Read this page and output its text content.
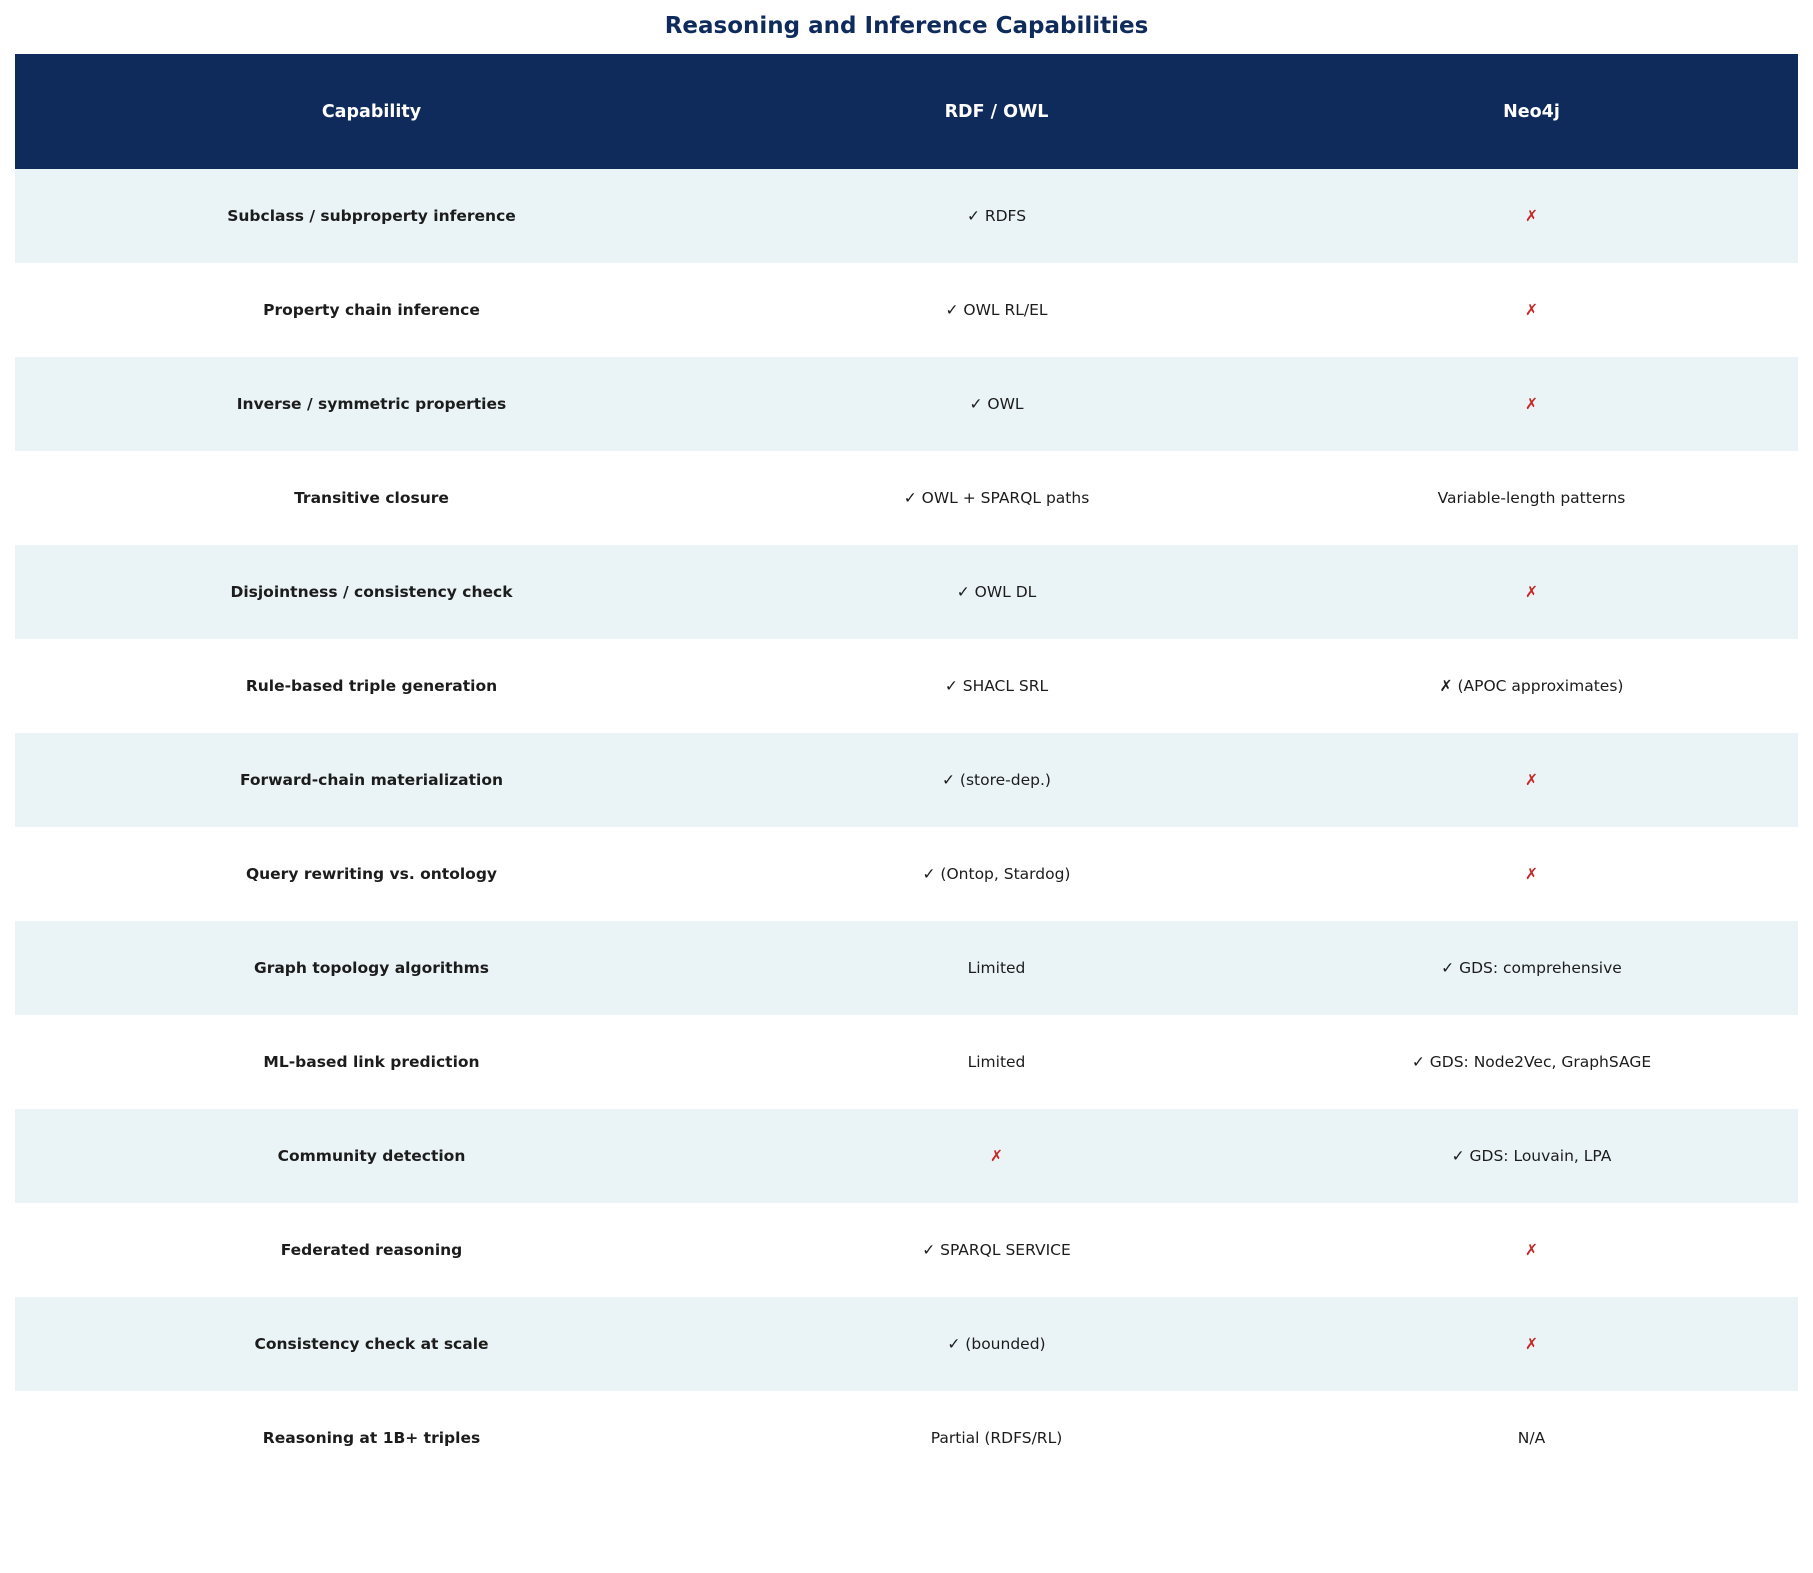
Reasoning and Inference Capabilities
Capability	RDF / OWL	Neo4j
Subclass / subproperty inference	✓ RDFS	✗
Property chain inference	✓ OWL RL/EL	✗
Inverse / symmetric properties	✓ OWL	✗
Transitive closure	✓ OWL + SPARQL paths	Variable-length patterns
Disjointness / consistency check	✓ OWL DL	✗
Rule-based triple generation	✓ SHACL SRL	✗ (APOC approximates)
Forward-chain materialization	✓ (store-dep.)	✗
Query rewriting vs. ontology	✓ (Ontop, Stardog)	✗
Graph topology algorithms	Limited	✓ GDS: comprehensive
ML-based link prediction	Limited	✓ GDS: Node2Vec, GraphSAGE
Community detection	✗	✓ GDS: Louvain, LPA
Federated reasoning	✓ SPARQL SERVICE	✗
Consistency check at scale	✓ (bounded)	✗
Reasoning at 1B+ triples	Partial (RDFS/RL)	N/A
